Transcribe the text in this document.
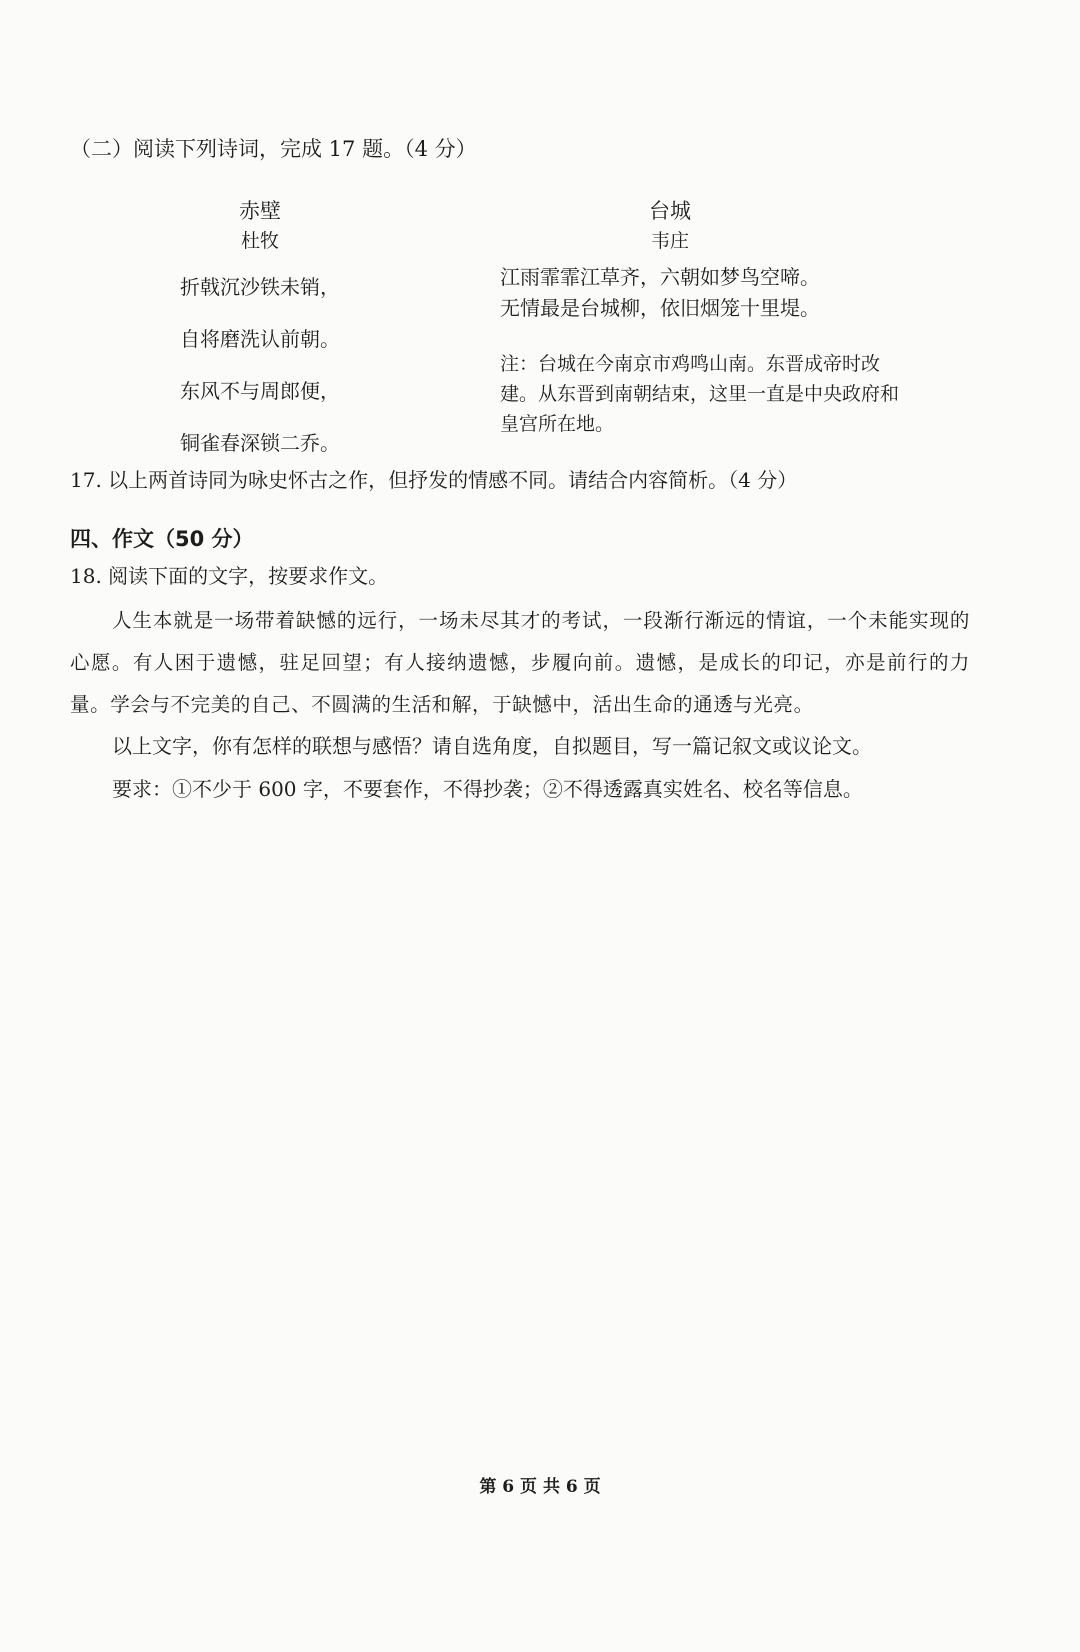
（二）阅读下列诗词，完成 17 题。（4 分）
赤壁
杜牧
折戟沉沙铁未销，
自将磨洗认前朝。
东风不与周郎便，
铜雀春深锁二乔。
台城
韦庄
江雨霏霏江草齐，六朝如梦鸟空啼。
无情最是台城柳，依旧烟笼十里堤。
注：台城在今南京市鸡鸣山南。东晋成帝时改建。从东晋到南朝结束，这里一直是中央政府和皇宫所在地。
17. 以上两首诗同为咏史怀古之作，但抒发的情感不同。请结合内容简析。（4 分）
四、作文（50 分）
18. 阅读下面的文字，按要求作文。
人生本就是一场带着缺憾的远行，一场未尽其才的考试，一段渐行渐远的情谊，一个未能实现的心愿。有人困于遗憾，驻足回望；有人接纳遗憾，步履向前。遗憾，是成长的印记，亦是前行的力量。学会与不完美的自己、不圆满的生活和解，于缺憾中，活出生命的通透与光亮。
以上文字，你有怎样的联想与感悟？请自选角度，自拟题目，写一篇记叙文或议论文。
要求：①不少于 600 字，不要套作，不得抄袭；②不得透露真实姓名、校名等信息。
第 6 页 共 6 页
